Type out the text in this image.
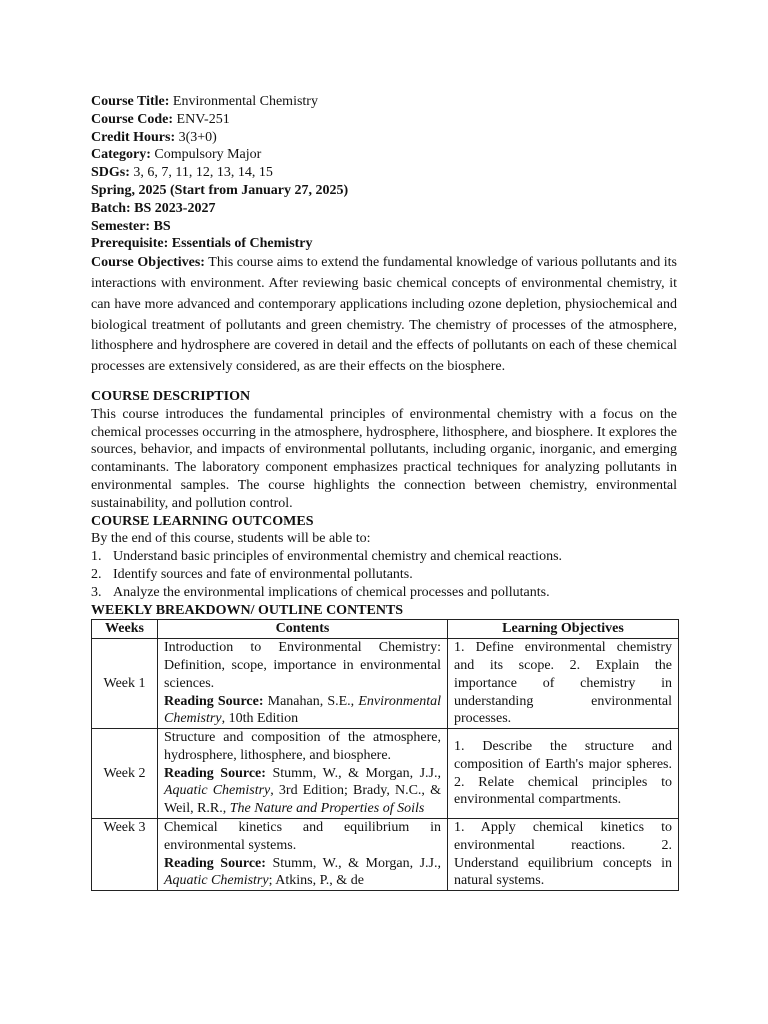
Course Title: Environmental Chemistry
Course Code: ENV-251
Credit Hours: 3(3+0)
Category: Compulsory Major
SDGs: 3, 6, 7, 11, 12, 13, 14, 15
Spring, 2025 (Start from January 27, 2025)
Batch: BS 2023-2027
Semester: BS
Prerequisite: Essentials of Chemistry
Course Objectives: This course aims to extend the fundamental knowledge of various pollutants and its interactions with environment. After reviewing basic chemical concepts of environmental chemistry, it can have more advanced and contemporary applications including ozone depletion, physiochemical and biological treatment of pollutants and green chemistry. The chemistry of processes of the atmosphere, lithosphere and hydrosphere are covered in detail and the effects of pollutants on each of these chemical processes are extensively considered, as are their effects on the biosphere.
COURSE DESCRIPTION
This course introduces the fundamental principles of environmental chemistry with a focus on the chemical processes occurring in the atmosphere, hydrosphere, lithosphere, and biosphere. It explores the sources, behavior, and impacts of environmental pollutants, including organic, inorganic, and emerging contaminants. The laboratory component emphasizes practical techniques for analyzing pollutants in environmental samples. The course highlights the connection between chemistry, environmental sustainability, and pollution control.
COURSE LEARNING OUTCOMES
By the end of this course, students will be able to:
1. Understand basic principles of environmental chemistry and chemical reactions.
2. Identify sources and fate of environmental pollutants.
3. Analyze the environmental implications of chemical processes and pollutants.
WEEKLY BREAKDOWN/ OUTLINE CONTENTS
Weeks	Contents	Learning Objectives
Week 1	Introduction to Environmental Chemistry: Definition, scope, importance in environmental sciences.
Reading Source: Manahan, S.E., Environmental Chemistry, 10th Edition	1. Define environmental chemistry and its scope. 2. Explain the importance of chemistry in understanding environmental processes.
Week 2	Structure and composition of the atmosphere, hydrosphere, lithosphere, and biosphere.
Reading Source: Stumm, W., & Morgan, J.J., Aquatic Chemistry, 3rd Edition; Brady, N.C., & Weil, R.R., The Nature and Properties of Soils	1. Describe the structure and composition of Earth's major spheres. 2. Relate chemical principles to environmental compartments.
Week 3	Chemical kinetics and equilibrium in environmental systems.
Reading Source: Stumm, W., & Morgan, J.J., Aquatic Chemistry; Atkins, P., & de	1. Apply chemical kinetics to environmental reactions. 2. Understand equilibrium concepts in natural systems.
